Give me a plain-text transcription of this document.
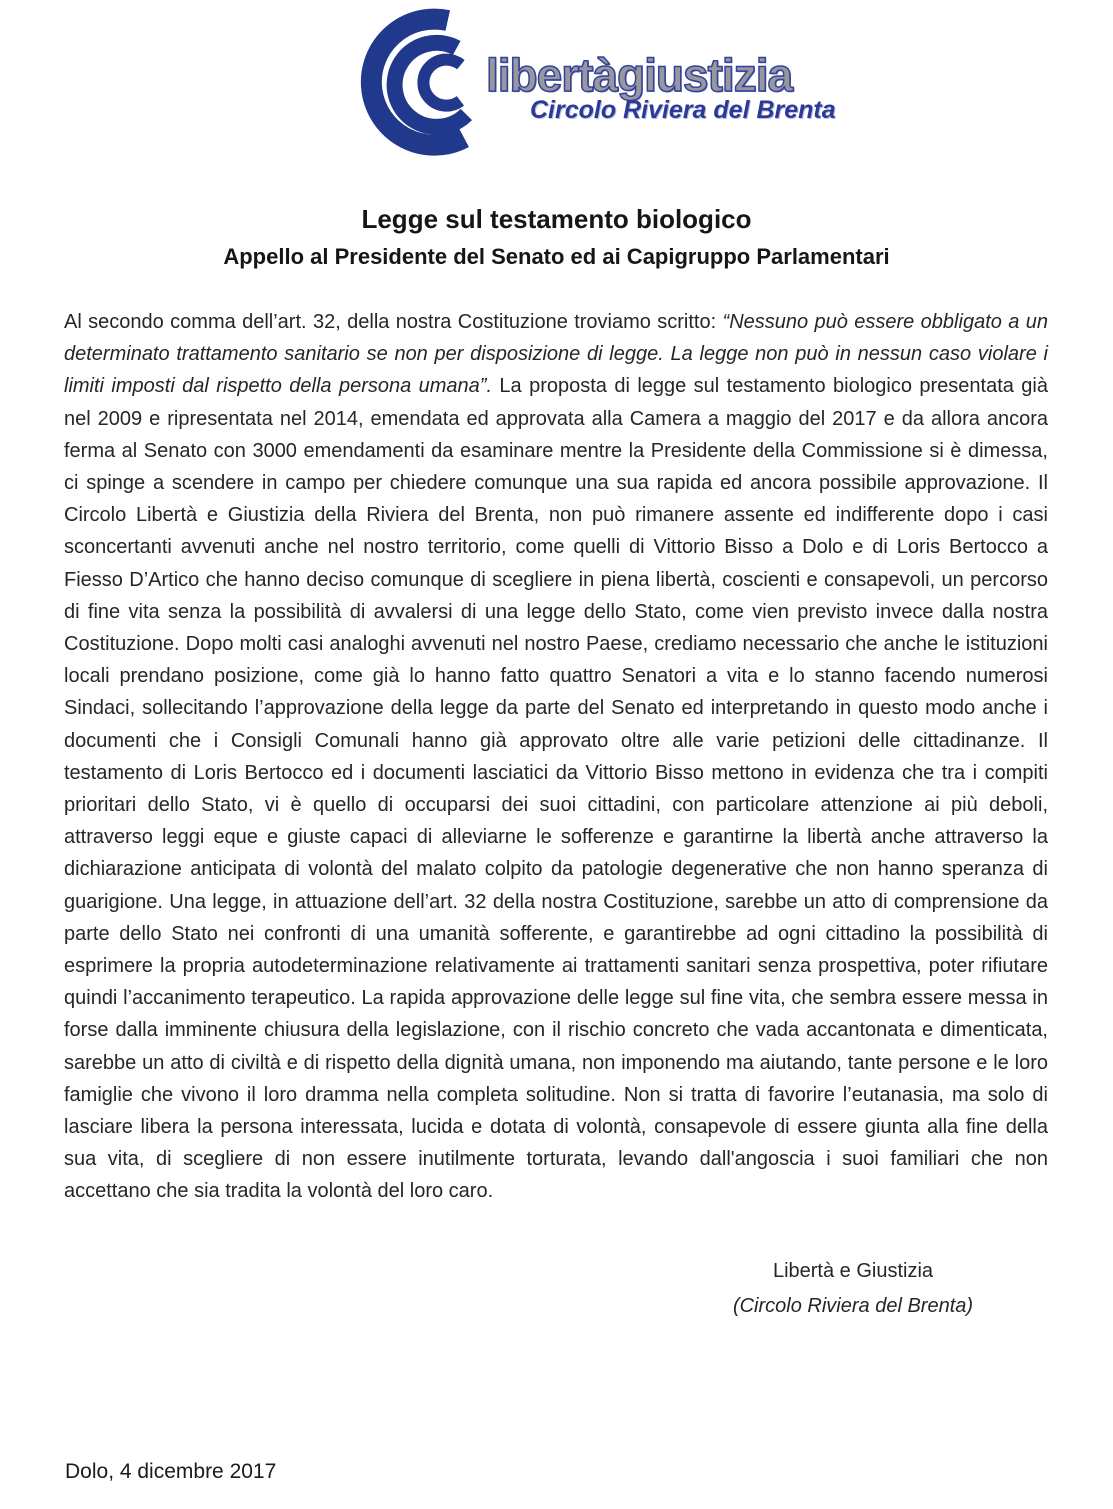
libertàgiustizia
Circolo Riviera del Brenta
Legge sul testamento biologico
Appello al Presidente del Senato ed ai Capigruppo Parlamentari

Al secondo comma dell’art. 32, della nostra Costituzione troviamo scritto: “Nessuno può essere obbligato a un determinato trattamento sanitario se non per disposizione di legge. La legge non può in nessun caso violare i limiti imposti dal rispetto della persona umana”. La proposta di legge sul testamento biologico presentata già nel 2009 e ripresentata nel 2014, emendata ed approvata alla Camera a maggio del 2017 e da allora ancora ferma al Senato con 3000 emendamenti da esaminare mentre la Presidente della Commissione si è dimessa, ci spinge a scendere in campo per chiedere comunque una sua rapida ed ancora possibile approvazione. Il Circolo Libertà e Giustizia della Riviera del Brenta, non può rimanere assente ed indifferente dopo i casi sconcertanti avvenuti anche nel nostro territorio, come quelli di Vittorio Bisso a Dolo e di Loris Bertocco a Fiesso D’Artico che hanno deciso comunque di scegliere in piena libertà, coscienti e consapevoli, un percorso di fine vita senza la possibilità di avvalersi di una legge dello Stato, come vien previsto invece dalla nostra Costituzione. Dopo molti casi analoghi avvenuti nel nostro Paese, crediamo necessario che anche le istituzioni locali prendano posizione, come già lo hanno fatto quattro Senatori a vita e lo stanno facendo numerosi Sindaci, sollecitando l’approvazione della legge da parte del Senato ed interpretando in questo modo anche i documenti che i Consigli Comunali hanno già approvato oltre alle varie petizioni delle cittadinanze. Il testamento di Loris Bertocco ed i documenti lasciatici da Vittorio Bisso mettono in evidenza che tra i compiti prioritari dello Stato, vi è quello di occuparsi dei suoi cittadini, con particolare attenzione ai più deboli, attraverso leggi eque e giuste capaci di alleviarne le sofferenze e garantirne la libertà anche attraverso la dichiarazione anticipata di volontà del malato colpito da patologie degenerative che non hanno speranza di guarigione. Una legge, in attuazione dell’art. 32 della nostra Costituzione, sarebbe un atto di comprensione da parte dello Stato nei confronti di una umanità sofferente, e garantirebbe ad ogni cittadino la possibilità di esprimere la propria autodeterminazione relativamente ai trattamenti sanitari senza prospettiva, poter rifiutare quindi l’accanimento terapeutico. La rapida approvazione delle legge sul fine vita, che sembra essere messa in forse dalla imminente chiusura della legislazione, con il rischio concreto che vada accantonata e dimenticata, sarebbe un atto di civiltà e di rispetto della dignità umana, non imponendo ma aiutando, tante persone e le loro famiglie che vivono il loro dramma nella completa solitudine. Non si tratta di favorire l’eutanasia, ma solo di lasciare libera la persona interessata, lucida e dotata di volontà, consapevole di essere giunta alla fine della sua vita, di scegliere di non essere inutilmente torturata, levando dall'angoscia i suoi familiari che non accettano che sia tradita la volontà del loro caro.

Libertà e Giustizia
(Circolo Riviera del Brenta)
Dolo, 4 dicembre 2017
